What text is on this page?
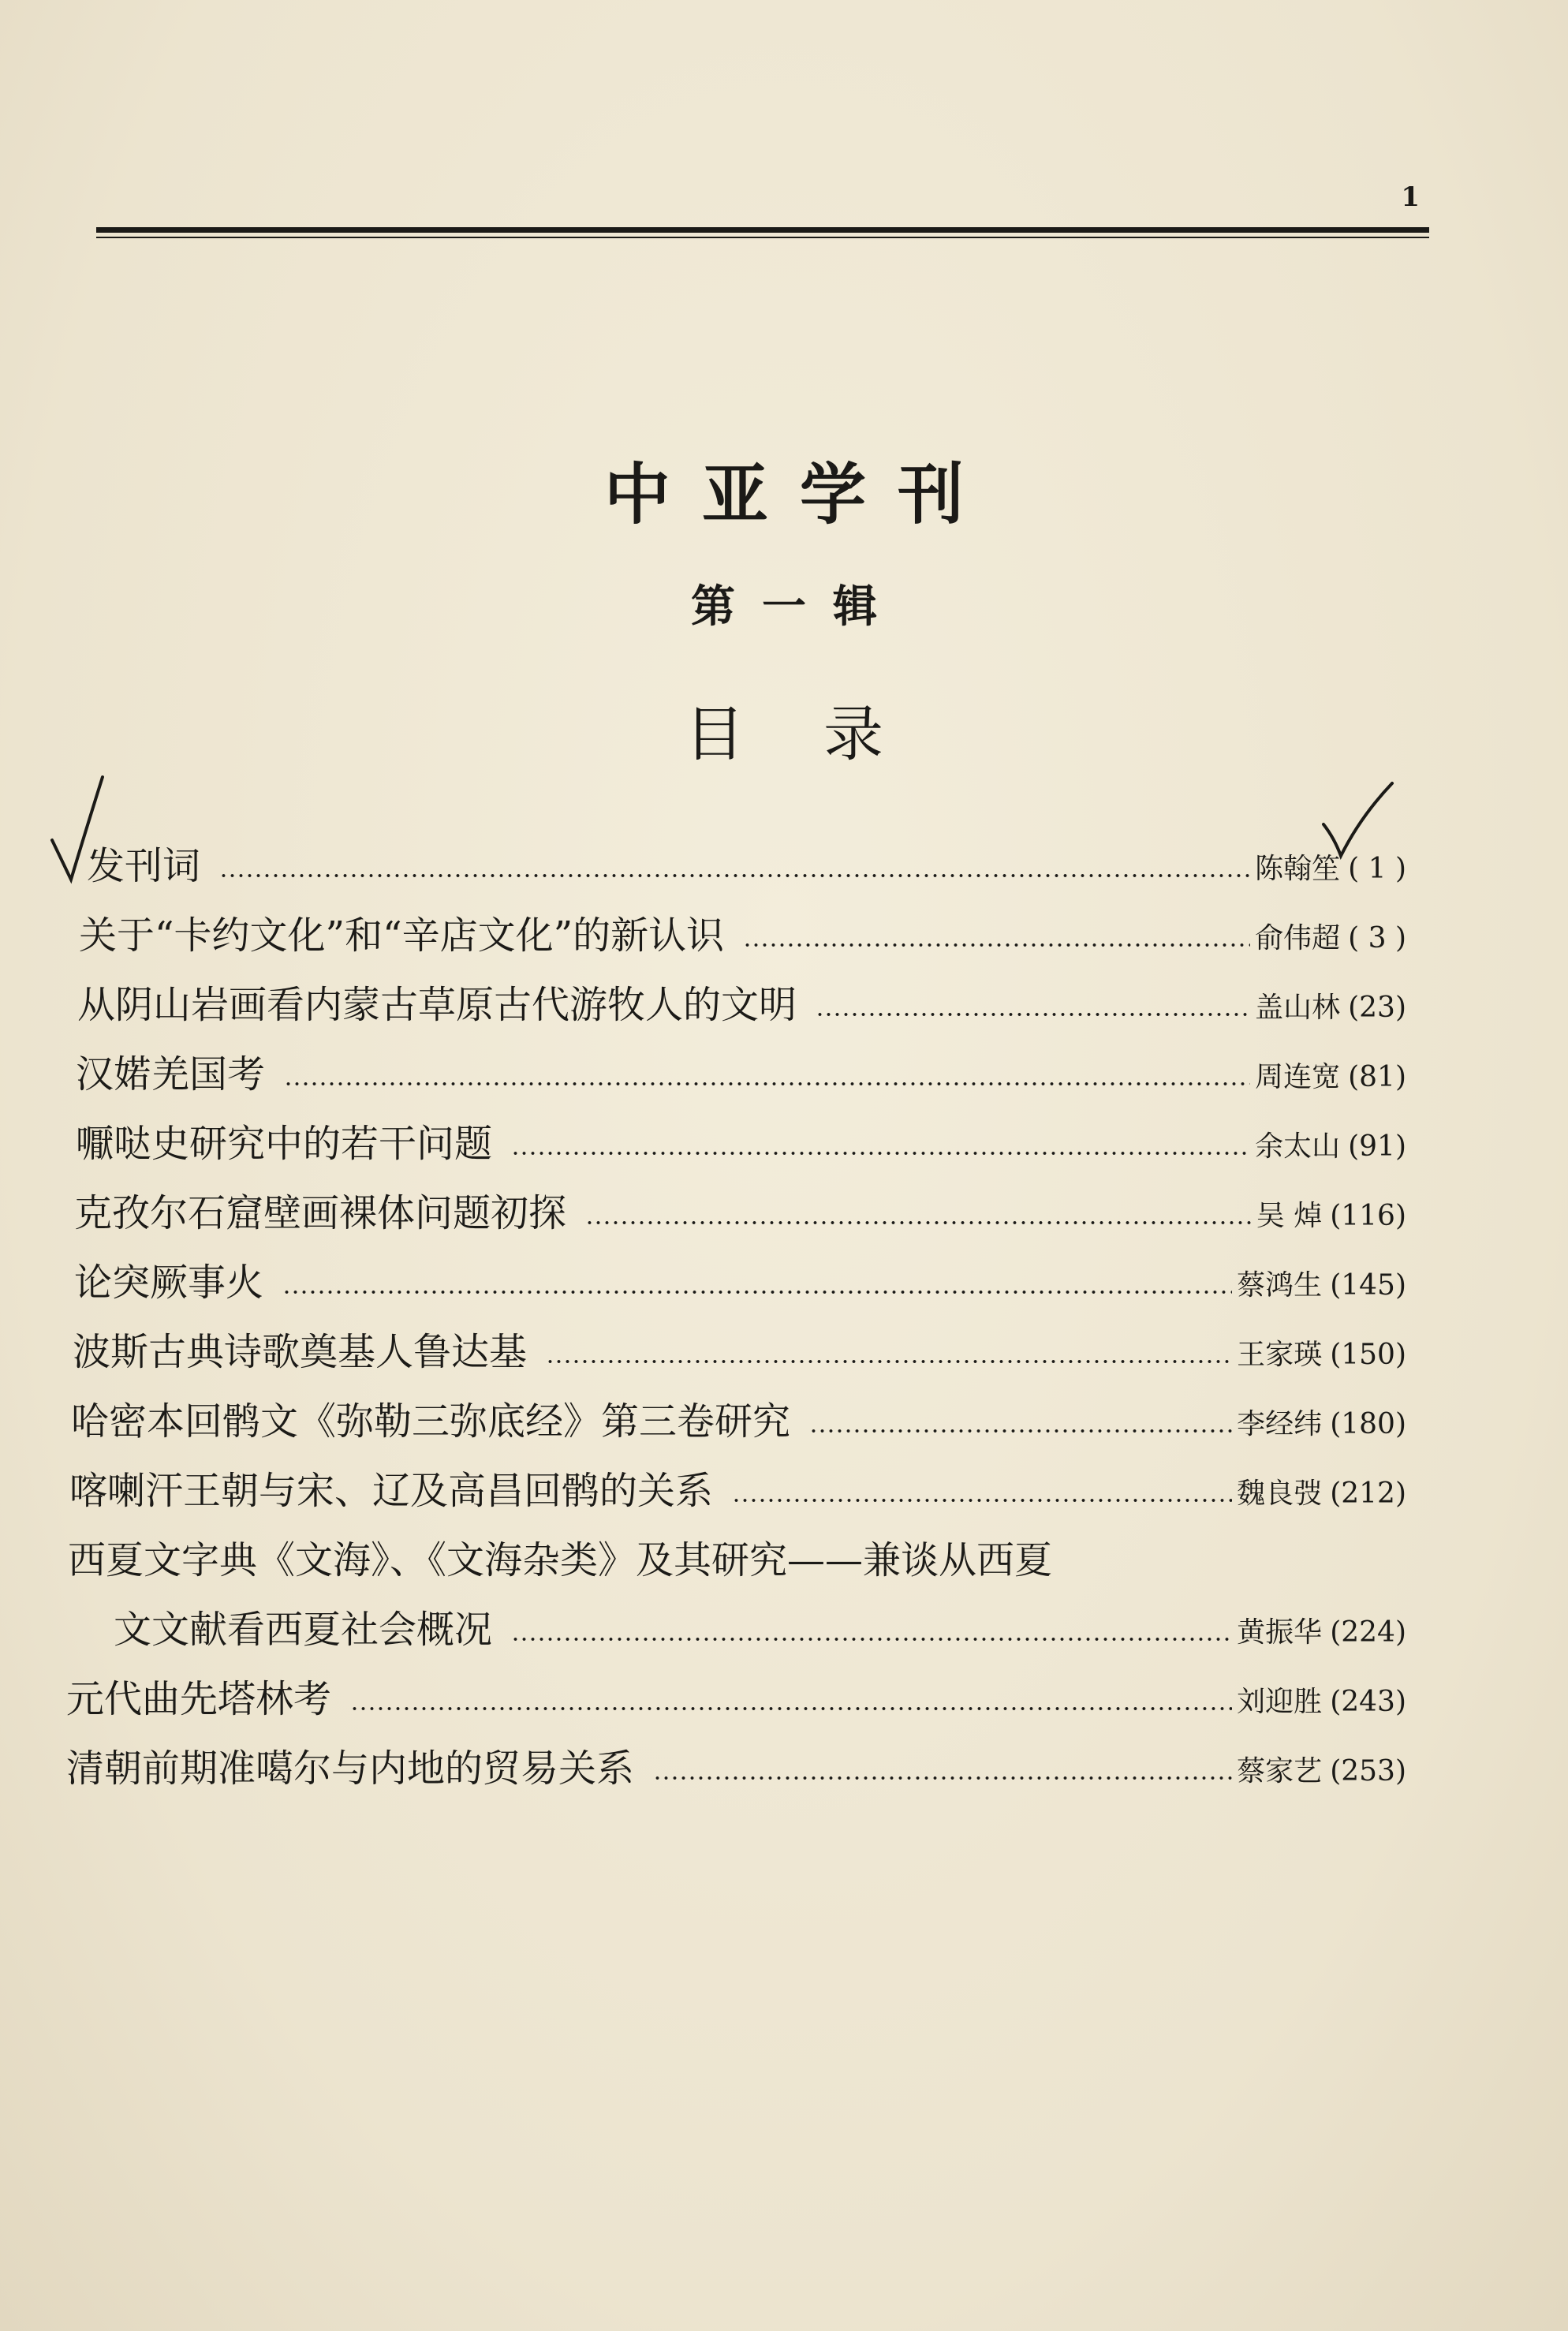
1
中亚学刊
第一辑
目录
发刊词	陈翰笙 ( 1 )
关于“卡约文化”和“辛店文化”的新认识	俞伟超 ( 3 )
从阴山岩画看内蒙古草原古代游牧人的文明	盖山林 (23)
汉婼羌国考	周连宽 (81)
嚈哒史研究中的若干问题	余太山 (91)
克孜尔石窟壁画裸体问题初探	吴 焯 (116)
论突厥事火	蔡鸿生 (145)
波斯古典诗歌奠基人鲁达基	王家瑛 (150)
哈密本回鹘文《弥勒三弥底经》第三卷研究	李经纬 (180)
喀喇汗王朝与宋、辽及高昌回鹘的关系	魏良弢 (212)
西夏文字典《文海》、《文海杂类》及其研究——兼谈从西夏
文文献看西夏社会概况	黄振华 (224)
元代曲先塔林考	刘迎胜 (243)
清朝前期准噶尔与内地的贸易关系	蔡家艺 (253)
